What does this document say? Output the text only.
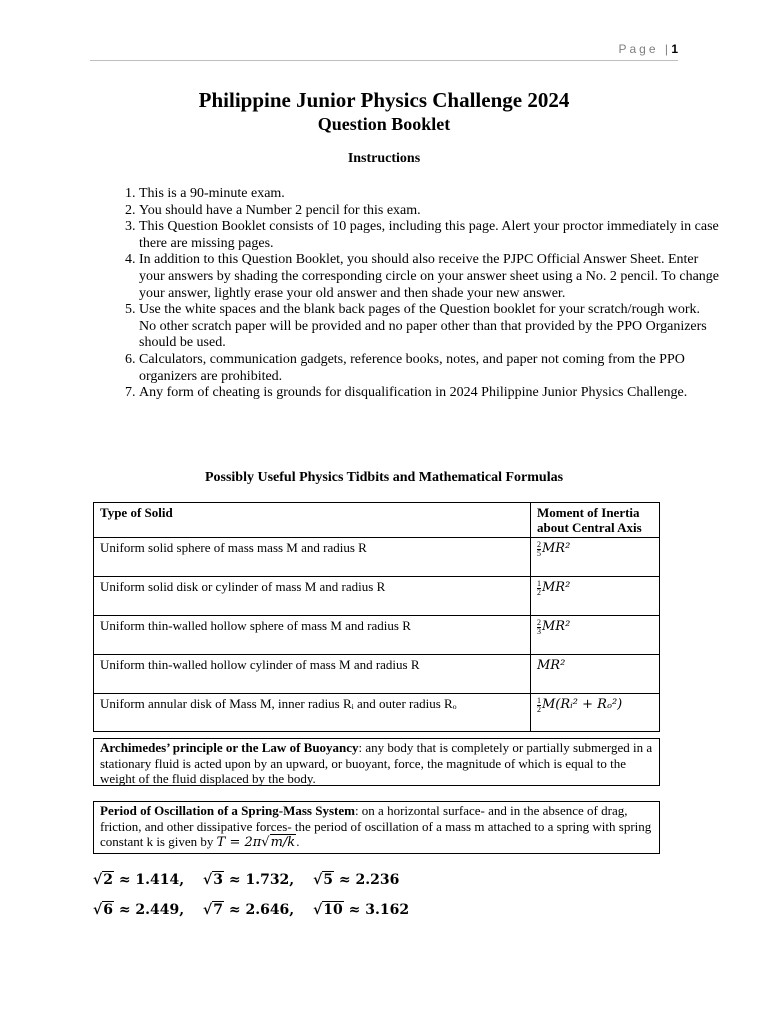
Page | 1
Philippine Junior Physics Challenge 2024
Question Booklet
Instructions
1. This is a 90-minute exam.
2. You should have a Number 2 pencil for this exam.
3. This Question Booklet consists of 10 pages, including this page. Alert your proctor immediately in case there are missing pages.
4. In addition to this Question Booklet, you should also receive the PJPC Official Answer Sheet. Enter your answers by shading the corresponding circle on your answer sheet using a No. 2 pencil. To change your answer, lightly erase your old answer and then shade your new answer.
5. Use the white spaces and the blank back pages of the Question booklet for your scratch/rough work. No other scratch paper will be provided and no paper other than that provided by the PPO Organizers should be used.
6. Calculators, communication gadgets, reference books, notes, and paper not coming from the PPO organizers are prohibited.
7. Any form of cheating is grounds for disqualification in 2024 Philippine Junior Physics Challenge.
Possibly Useful Physics Tidbits and Mathematical Formulas
Type of Solid	Moment of Inertia about Central Axis
Uniform solid sphere of mass mass M and radius R	$\frac{2}{5} MR^2$
Uniform solid disk or cylinder of mass M and radius R	$\frac{1}{2} MR^2$
Uniform thin-walled hollow sphere of mass M and radius R	$\frac{2}{3} MR^2$
Uniform thin-walled hollow cylinder of mass M and radius R	MR²
Uniform annular disk of Mass M, inner radius Rᵢ and outer radius Rₒ	$\frac{1}{2}$ M(Rᵢ² + Rₒ²)
Archimedes’ principle or the Law of Buoyancy: any body that is completely or partially submerged in a stationary fluid is acted upon by an upward, or buoyant, force, the magnitude of which is equal to the weight of the fluid displaced by the body.
Period of Oscillation of a Spring-Mass System: on a horizontal surface- and in the absence of drag, friction, and other dissipative forces- the period of oscillation of a mass m attached to a spring with spring constant k is given by T = 2π√m/k.
√2 ≈ 1.414, √3 ≈ 1.732, √5 ≈ 2.236
√6 ≈ 2.449, √7 ≈ 2.646, √10 ≈ 3.162
